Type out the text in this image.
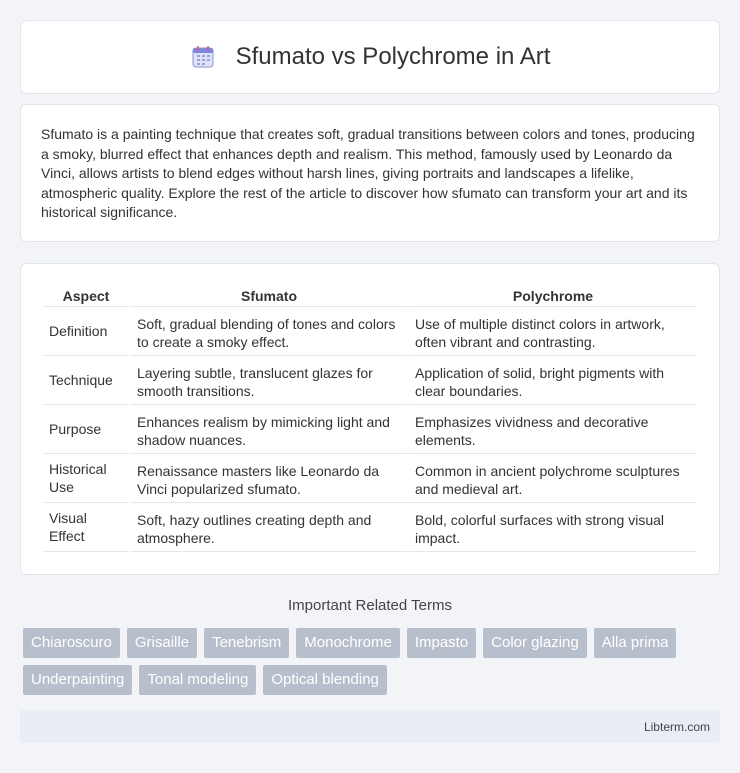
Sfumato vs Polychrome in Art

Sfumato is a painting technique that creates soft, gradual transitions between colors and tones, producing a smoky, blurred effect that enhances depth and realism. This method, famously used by Leonardo da Vinci, allows artists to blend edges without harsh lines, giving portraits and landscapes a lifelike, atmospheric quality. Explore the rest of the article to discover how sfumato can transform your art and its historical significance.

Aspect	Sfumato	Polychrome
Definition	Soft, gradual blending of tones and colors to create a smoky effect.	Use of multiple distinct colors in artwork, often vibrant and contrasting.
Technique	Layering subtle, translucent glazes for smooth transitions.	Application of solid, bright pigments with clear boundaries.
Purpose	Enhances realism by mimicking light and shadow nuances.	Emphasizes vividness and decorative elements.
Historical Use	Renaissance masters like Leonardo da Vinci popularized sfumato.	Common in ancient polychrome sculptures and medieval art.
Visual Effect	Soft, hazy outlines creating depth and atmosphere.	Bold, colorful surfaces with strong visual impact.
Important Related Terms
Chiaroscuro	Grisaille	Tenebrism	Monochrome	Impasto	Color glazing	Alla prima
Underpainting	Tonal modeling	Optical blending
Libterm.com
